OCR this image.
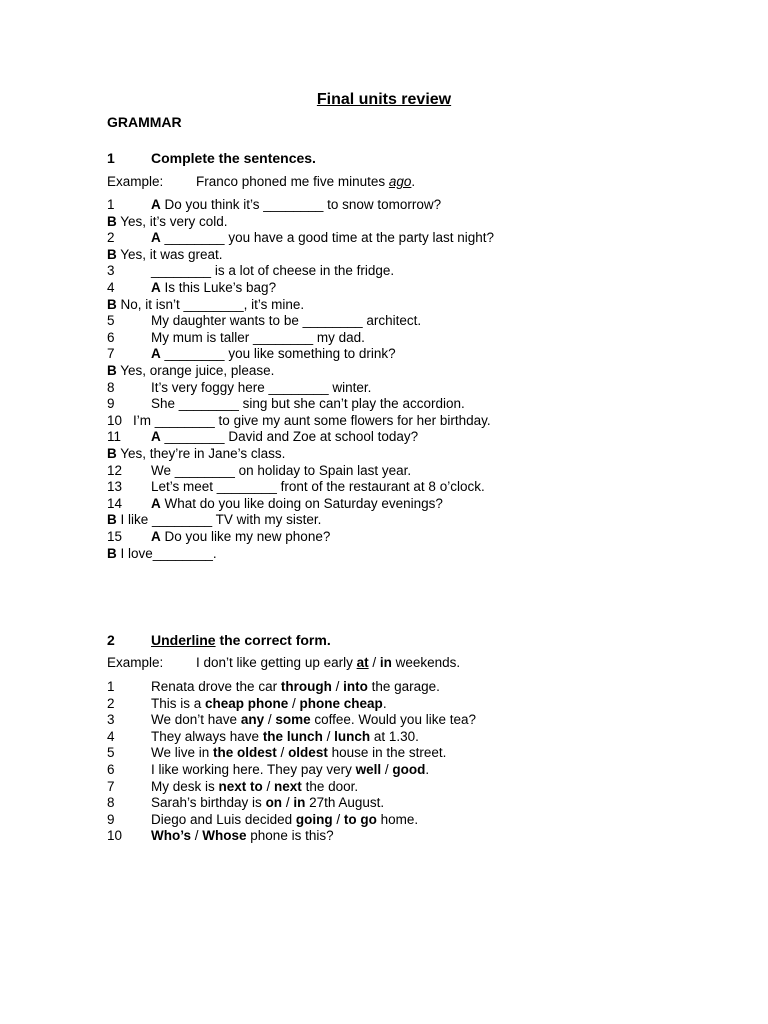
Final units review
GRAMMAR
1	Complete the sentences.
Example: Franco phoned me five minutes ago.
1	A Do you think it’s ________ to snow tomorrow?
B Yes, it’s very cold.
2	A ________ you have a good time at the party last night?
B Yes, it was great.
3	________ is a lot of cheese in the fridge.
4	A Is this Luke’s bag?
B No, it isn’t ________, it’s mine.
5	My daughter wants to be ________ architect.
6	My mum is taller ________ my dad.
7	A ________ you like something to drink?
B Yes, orange juice, please.
8	It’s very foggy here ________ winter.
9	She ________ sing but she can’t play the accordion.
10 I’m ________ to give my aunt some flowers for her birthday.
11 A ________ David and Zoe at school today?
B Yes, they’re in Jane’s class.
12 We ________ on holiday to Spain last year.
13 Let’s meet ________ front of the restaurant at 8 o’clock.
14 A What do you like doing on Saturday evenings?
B I like ________ TV with my sister.
15 A Do you like my new phone?
B I love________.
2	Underline the correct form.
Example: I don’t like getting up early at / in weekends.
1	Renata drove the car through / into the garage.
2	This is a cheap phone / phone cheap.
3	We don’t have any / some coffee. Would you like tea?
4	They always have the lunch / lunch at 1.30.
5	We live in the oldest / oldest house in the street.
6	I like working here. They pay very well / good.
7	My desk is next to / next the door.
8	Sarah’s birthday is on / in 27th August.
9	Diego and Luis decided going / to go home.
10 Who’s / Whose phone is this?
